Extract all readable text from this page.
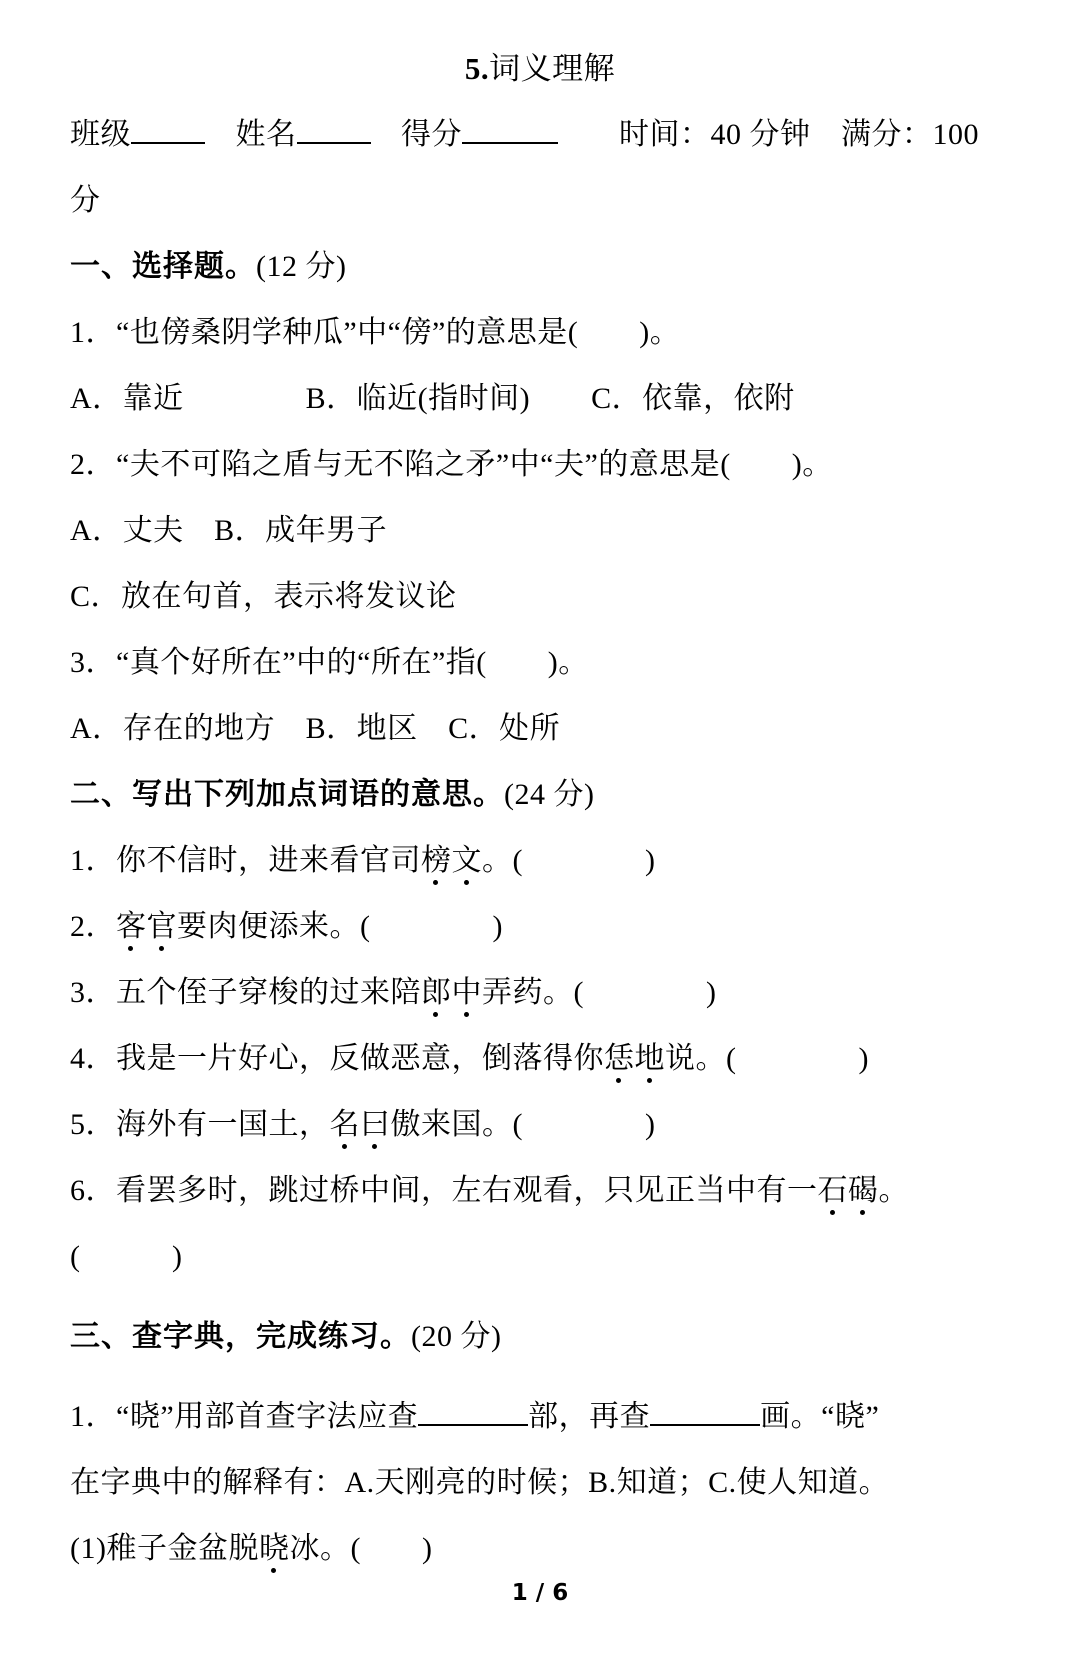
5.词义理解
班级　姓名　得分	　　时间：40 分钟　满分：100 分
一、选择题。(12 分)
1．“也傍桑阴学种瓜”中“傍”的意思是(　　)。
A．靠近　　　　B．临近(指时间)　　C．依靠，依附
2．“夫不可陷之盾与无不陷之矛”中“夫”的意思是(　　)。
A．丈夫　B．成年男子
C．放在句首，表示将发议论
3．“真个好所在”中的“所在”指(　　)。
A．存在的地方　B．地区　C．处所
二、写出下列加点词语的意思。(24 分)
1．你不信时，进来看官司榜文。(　　　　)
2．客官要肉便添来。(　　　　)
3．五个侄子穿梭的过来陪郎中弄药。(　　　　)
4．我是一片好心，反做恶意，倒落得你恁地说。(　　　　)
5．海外有一国土，名曰傲来国。(　　　　)
6．看罢多时，跳过桥中间，左右观看，只见正当中有一石碣。
(　　　)
三、查字典，完成练习。(20 分)
1．“晓”用部首查字法应查	部，再查	画。“晓”
在字典中的解释有：A.天刚亮的时候；B.知道；C.使人知道。
(1)稚子金盆脱晓冰。(　　)
1 / 6
